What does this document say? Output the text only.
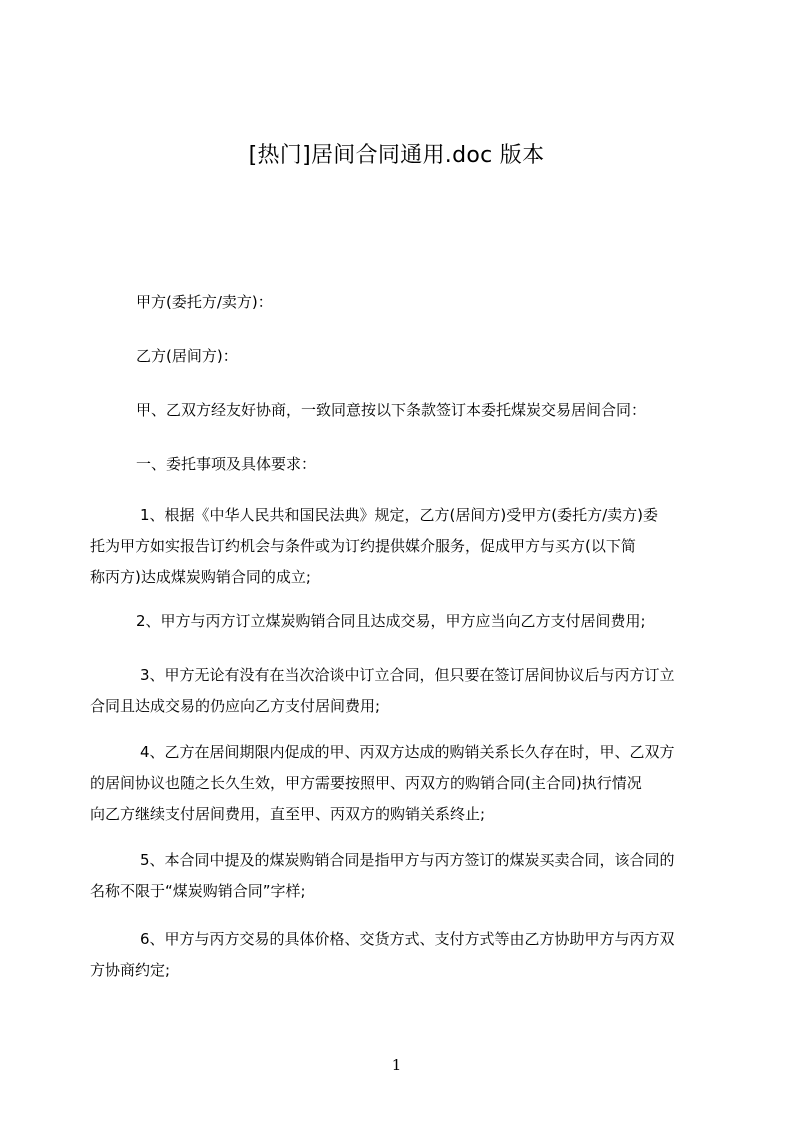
[热门]居间合同通用.doc 版本

甲方(委托方/卖方)：

乙方(居间方)：

甲、乙双方经友好协商，一致同意按以下条款签订本委托煤炭交易居间合同：

一、委托事项及具体要求：

1、根据《中华人民共和国民法典》规定，乙方(居间方)受甲方(委托方/卖方)委
托为甲方如实报告订约机会与条件或为订约提供媒介服务，促成甲方与买方(以下简
称丙方)达成煤炭购销合同的成立;

2、甲方与丙方订立煤炭购销合同且达成交易，甲方应当向乙方支付居间费用;

3、甲方无论有没有在当次洽谈中订立合同，但只要在签订居间协议后与丙方订立
合同且达成交易的仍应向乙方支付居间费用;

4、乙方在居间期限内促成的甲、丙双方达成的购销关系长久存在时，甲、乙双方
的居间协议也随之长久生效，甲方需要按照甲、丙双方的购销合同(主合同)执行情况
向乙方继续支付居间费用，直至甲、丙双方的购销关系终止;

5、本合同中提及的煤炭购销合同是指甲方与丙方签订的煤炭买卖合同，该合同的
名称不限于“煤炭购销合同”字样;

6、甲方与丙方交易的具体价格、交货方式、支付方式等由乙方协助甲方与丙方双
方协商约定;

1
